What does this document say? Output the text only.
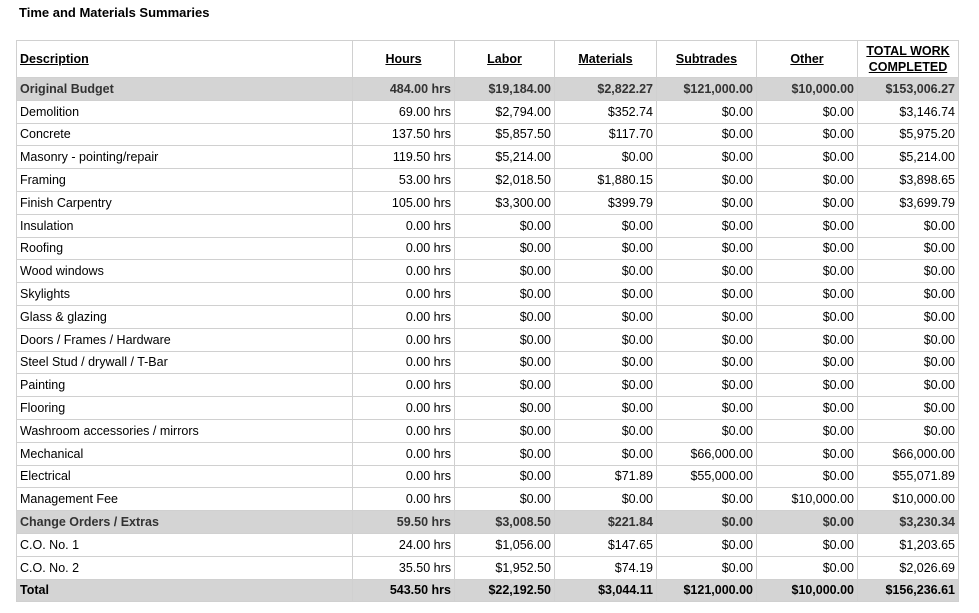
Time and Materials Summaries
Description	Hours	Labor	Materials	Subtrades	Other	TOTAL WORK
COMPLETED
Original Budget	484.00 hrs	$19,184.00	$2,822.27	$121,000.00	$10,000.00	$153,006.27
Demolition	69.00 hrs	$2,794.00	$352.74	$0.00	$0.00	$3,146.74
Concrete	137.50 hrs	$5,857.50	$117.70	$0.00	$0.00	$5,975.20
Masonry - pointing/repair	119.50 hrs	$5,214.00	$0.00	$0.00	$0.00	$5,214.00
Framing	53.00 hrs	$2,018.50	$1,880.15	$0.00	$0.00	$3,898.65
Finish Carpentry	105.00 hrs	$3,300.00	$399.79	$0.00	$0.00	$3,699.79
Insulation	0.00 hrs	$0.00	$0.00	$0.00	$0.00	$0.00
Roofing	0.00 hrs	$0.00	$0.00	$0.00	$0.00	$0.00
Wood windows	0.00 hrs	$0.00	$0.00	$0.00	$0.00	$0.00
Skylights	0.00 hrs	$0.00	$0.00	$0.00	$0.00	$0.00
Glass & glazing	0.00 hrs	$0.00	$0.00	$0.00	$0.00	$0.00
Doors / Frames / Hardware	0.00 hrs	$0.00	$0.00	$0.00	$0.00	$0.00
Steel Stud / drywall / T-Bar	0.00 hrs	$0.00	$0.00	$0.00	$0.00	$0.00
Painting	0.00 hrs	$0.00	$0.00	$0.00	$0.00	$0.00
Flooring	0.00 hrs	$0.00	$0.00	$0.00	$0.00	$0.00
Washroom accessories / mirrors	0.00 hrs	$0.00	$0.00	$0.00	$0.00	$0.00
Mechanical	0.00 hrs	$0.00	$0.00	$66,000.00	$0.00	$66,000.00
Electrical	0.00 hrs	$0.00	$71.89	$55,000.00	$0.00	$55,071.89
Management Fee	0.00 hrs	$0.00	$0.00	$0.00	$10,000.00	$10,000.00
Change Orders / Extras	59.50 hrs	$3,008.50	$221.84	$0.00	$0.00	$3,230.34
C.O. No. 1	24.00 hrs	$1,056.00	$147.65	$0.00	$0.00	$1,203.65
C.O. No. 2	35.50 hrs	$1,952.50	$74.19	$0.00	$0.00	$2,026.69
Total	543.50 hrs	$22,192.50	$3,044.11	$121,000.00	$10,000.00	$156,236.61
